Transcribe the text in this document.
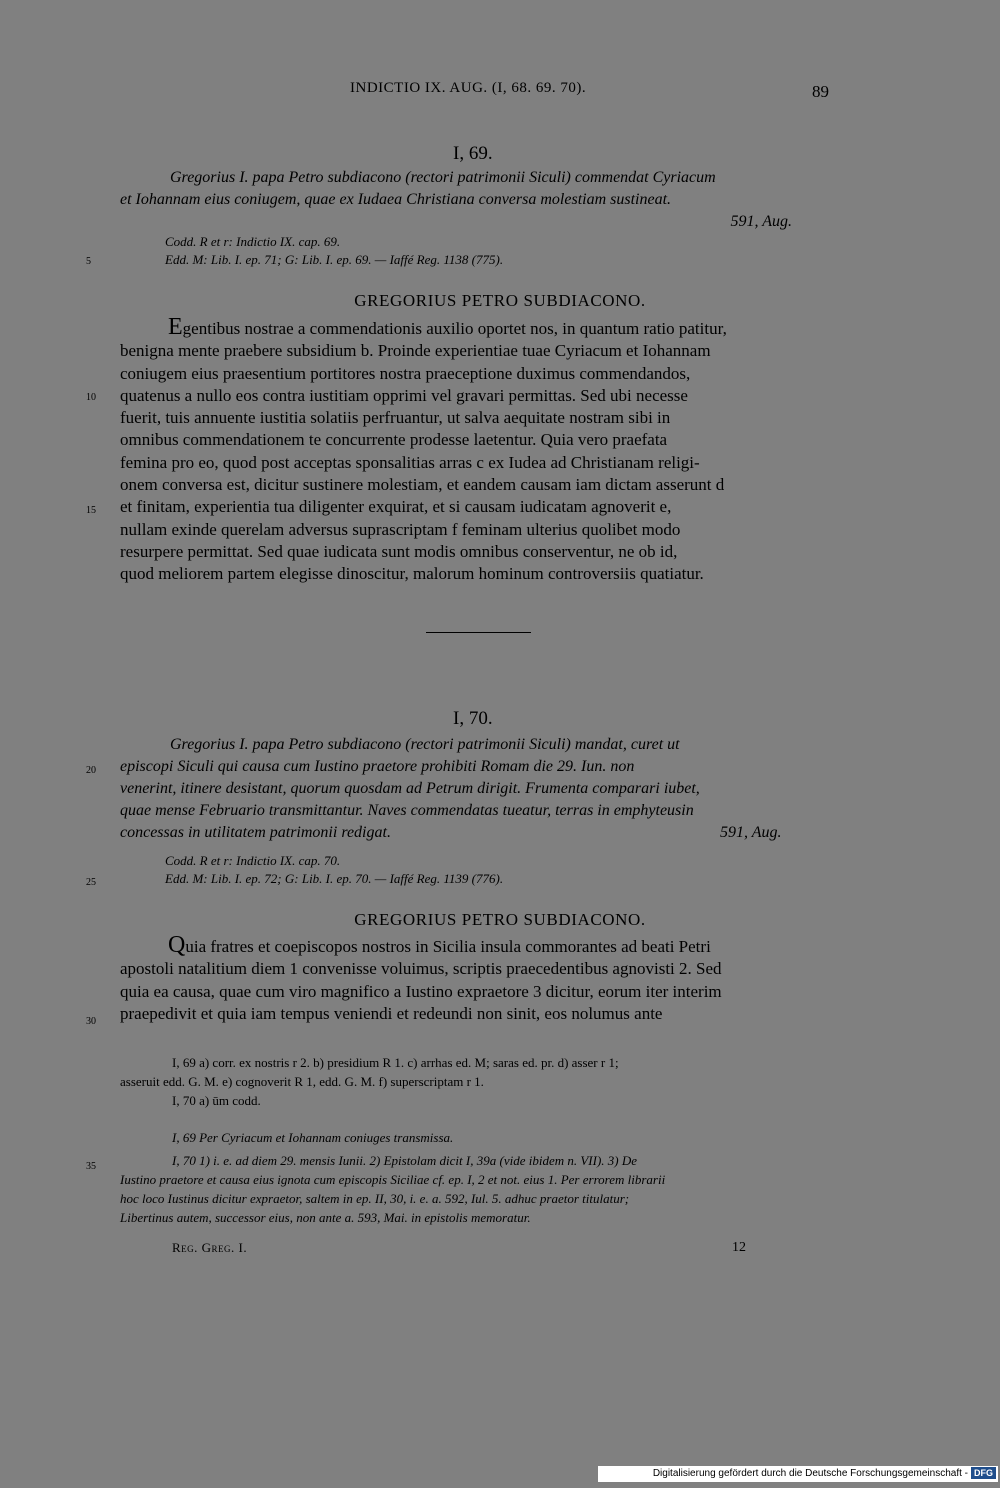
INDICTIO IX. AUG. (I, 68. 69. 70).	89
I, 69.
Gregorius I. papa Petro subdiacono (rectori patrimonii Siculi) commendat Cyriacum
et Iohannam eius coniugem, quae ex Iudaea Christiana conversa molestiam sustineat.
591, Aug.
Codd. R et r: Indictio IX. cap. 69.
Edd. M: Lib. I. ep. 71; G: Lib. I. ep. 69. — Iaffé Reg. 1138 (775).
GREGORIUS PETRO SUBDIACONO.
Egentibus nostrae a commendationis auxilio oportet nos, in quantum ratio patitur,
benigna mente praebere subsidium b. Proinde experientiae tuae Cyriacum et Iohannam
coniugem eius praesentium portitores nostra praeceptione duximus commendandos,
quatenus a nullo eos contra iustitiam opprimi vel gravari permittas. Sed ubi necesse
fuerit, tuis annuente iustitia solatiis perfruantur, ut salva aequitate nostram sibi in
omnibus commendationem te concurrente prodesse laetentur. Quia vero praefata
femina pro eo, quod post acceptas sponsalitias arras c ex Iudea ad Christianam religi-
onem conversa est, dicitur sustinere molestiam, et eandem causam iam dictam asserunt d
et finitam, experientia tua diligenter exquirat, et si causam iudicatam agnoverit e,
nullam exinde querelam adversus suprascriptam f feminam ulterius quolibet modo
resurpere permittat. Sed quae iudicata sunt modis omnibus conserventur, ne ob id,
quod meliorem partem elegisse dinoscitur, malorum hominum controversiis quatiatur.
I, 70.
Gregorius I. papa Petro subdiacono (rectori patrimonii Siculi) mandat, curet ut
episcopi Siculi qui causa cum Iustino praetore prohibiti Romam die 29. Iun. non
venerint, itinere desistant, quorum quosdam ad Petrum dirigit. Frumenta comparari iubet,
quae mense Februario transmittantur. Naves commendatas tueatur, terras in emphyteusin
concessas in utilitatem patrimonii redigat.	591, Aug.
Codd. R et r: Indictio IX. cap. 70.
Edd. M: Lib. I. ep. 72; G: Lib. I. ep. 70. — Iaffé Reg. 1139 (776).
GREGORIUS PETRO SUBDIACONO.
Quia fratres et coepiscopos nostros in Sicilia insula commorantes ad beati Petri
apostoli natalitium diem 1 convenisse voluimus, scriptis praecedentibus agnovisti 2. Sed
quia ea causa, quae cum viro magnifico a Iustino expraetore 3 dicitur, eorum iter interim
praepedivit et quia iam tempus veniendi et redeundi non sinit, eos nolumus ante
5
10
15
20
25
30
35
I, 69 a) corr. ex nostris r 2. b) presidium R 1. c) arrhas ed. M; saras ed. pr. d) asser r 1;
asseruit edd. G. M. e) cognoverit R 1, edd. G. M. f) superscriptam r 1.
I, 70 a) ūm codd.
I, 69 Per Cyriacum et Iohannam coniuges transmissa.
I, 70 1) i. e. ad diem 29. mensis Iunii. 2) Epistolam dicit I, 39a (vide ibidem n. VII). 3) De
Iustino praetore et causa eius ignota cum episcopis Siciliae cf. ep. I, 2 et not. eius 1. Per errorem librarii
hoc loco Iustinus dicitur expraetor, saltem in ep. II, 30, i. e. a. 592, Iul. 5. adhuc praetor titulatur;
Libertinus autem, successor eius, non ante a. 593, Mai. in epistolis memoratur.
Reg. Greg. I.	12
Digitalisierung gefördert durch die Deutsche Forschungsgemeinschaft - DFG
